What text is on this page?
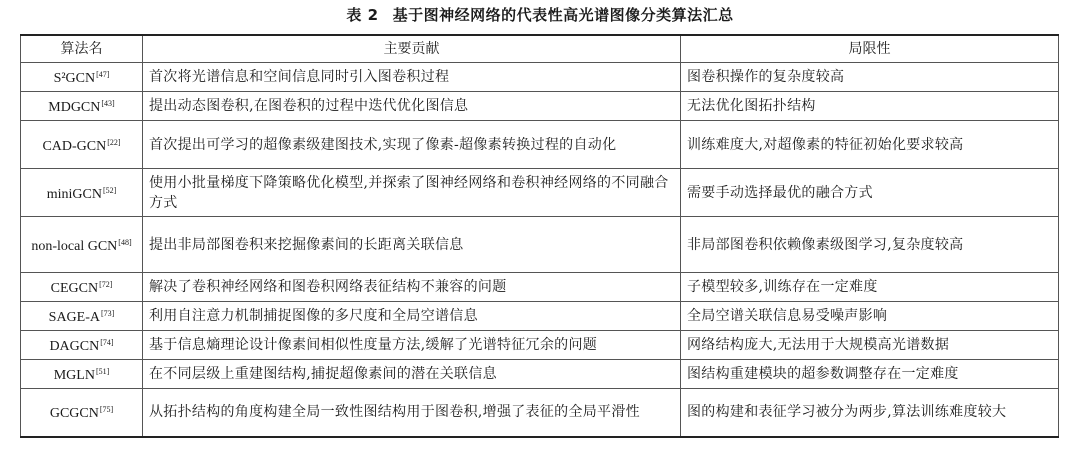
表 2 基于图神经网络的代表性高光谱图像分类算法汇总
算法名	主要贡献	局限性
S²GCN[47]	首次将光谱信息和空间信息同时引入图卷积过程	图卷积操作的复杂度较高
MDGCN[43]	提出动态图卷积,在图卷积的过程中迭代优化图信息	无法优化图拓扑结构
CAD-GCN[22]	首次提出可学习的超像素级建图技术,实现了像素-超像素转换过程的自动化	训练难度大,对超像素的特征初始化要求较高
miniGCN[52]	使用小批量梯度下降策略优化模型,并探索了图神经网络和卷积神经网络的不同融合方式	需要手动选择最优的融合方式
non-local GCN[48]	提出非局部图卷积来挖掘像素间的长距离关联信息	非局部图卷积依赖像素级图学习,复杂度较高
CEGCN[72]	解决了卷积神经网络和图卷积网络表征结构不兼容的问题	子模型较多,训练存在一定难度
SAGE-A[73]	利用自注意力机制捕捉图像的多尺度和全局空谱信息	全局空谱关联信息易受噪声影响
DAGCN[74]	基于信息熵理论设计像素间相似性度量方法,缓解了光谱特征冗余的问题	网络结构庞大,无法用于大规模高光谱数据
MGLN[51]	在不同层级上重建图结构,捕捉超像素间的潜在关联信息	图结构重建模块的超参数调整存在一定难度
GCGCN[75]	从拓扑结构的角度构建全局一致性图结构用于图卷积,增强了表征的全局平滑性	图的构建和表征学习被分为两步,算法训练难度较大
